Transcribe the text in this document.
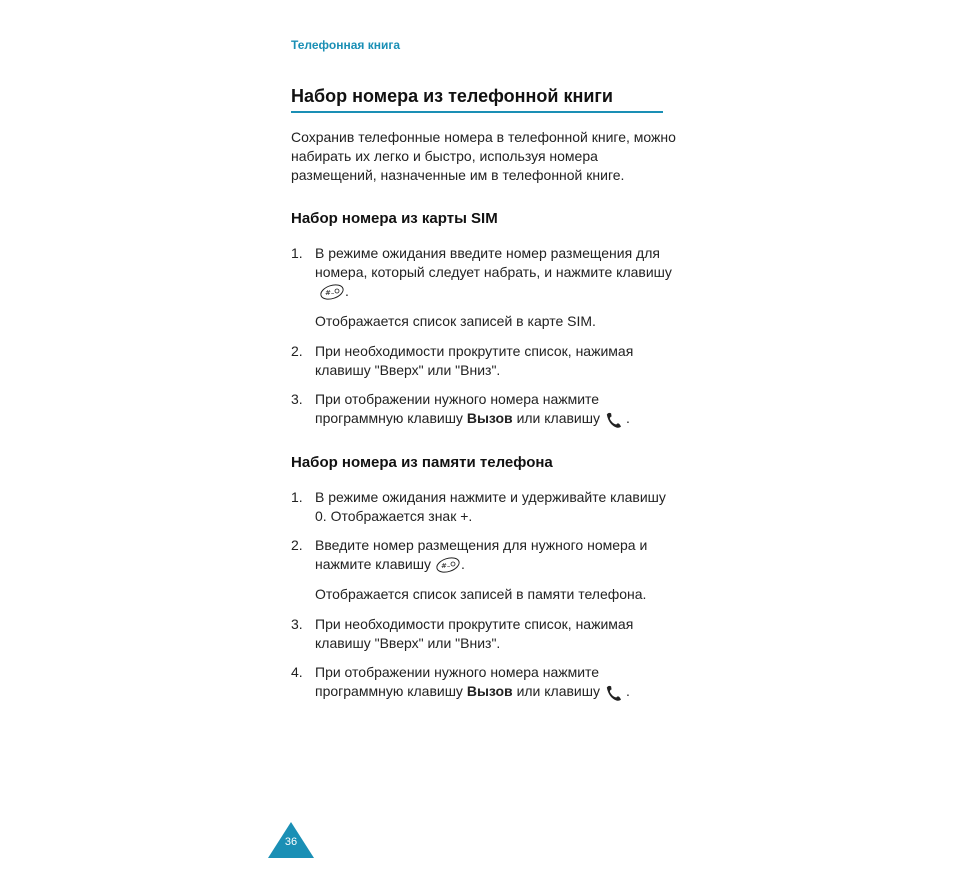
Телефонная книга
Набор номера из телефонной книги
Сохранив телефонные номера в телефонной книге, можно набирать их легко и быстро, используя номера размещений, назначенные им в телефонной книге.
Набор номера из карты SIM
1. В режиме ожидания введите номер размещения для номера, который следует набрать, и нажмите клавишу
#– .
Отображается список записей в карте SIM.
2. При необходимости прокрутите список, нажимая клавишу "Вверх" или "Вниз".
3. При отображении нужного номера нажмите программную клавишу Вызов или клавишу .
Набор номера из памяти телефона
1. В режиме ожидания нажмите и удерживайте клавишу 0. Отображается знак +.
2. Введите номер размещения для нужного номера и нажмите клавишу #– .
Отображается список записей в памяти телефона.
3. При необходимости прокрутите список, нажимая клавишу "Вверх" или "Вниз".
4. При отображении нужного номера нажмите программную клавишу Вызов или клавишу .
36
